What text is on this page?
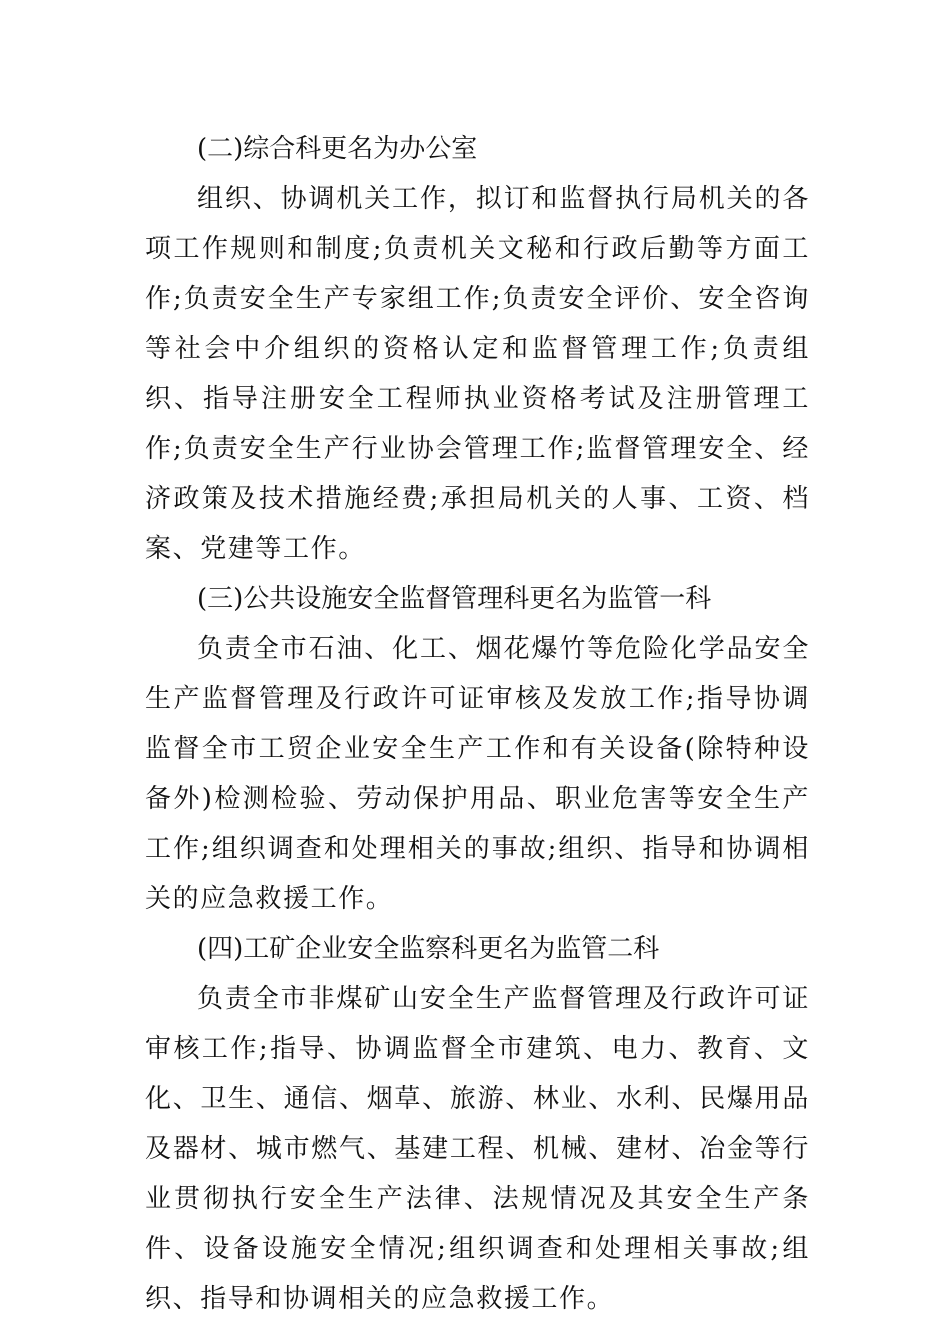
(二)综合科更名为办公室

组织、协调机关工作，拟订和监督执行局机关的各项工作规则和制度;负责机关文秘和行政后勤等方面工作;负责安全生产专家组工作;负责安全评价、安全咨询等社会中介组织的资格认定和监督管理工作;负责组织、指导注册安全工程师执业资格考试及注册管理工作;负责安全生产行业协会管理工作;监督管理安全、经济政策及技术措施经费;承担局机关的人事、工资、档案、党建等工作。

(三)公共设施安全监督管理科更名为监管一科

负责全市石油、化工、烟花爆竹等危险化学品安全生产监督管理及行政许可证审核及发放工作;指导协调监督全市工贸企业安全生产工作和有关设备(除特种设备外)检测检验、劳动保护用品、职业危害等安全生产工作;组织调查和处理相关的事故;组织、指导和协调相关的应急救援工作。

(四)工矿企业安全监察科更名为监管二科

负责全市非煤矿山安全生产监督管理及行政许可证审核工作;指导、协调监督全市建筑、电力、教育、文化、卫生、通信、烟草、旅游、林业、水利、民爆用品及器材、城市燃气、基建工程、机械、建材、冶金等行业贯彻执行安全生产法律、法规情况及其安全生产条件、设备设施安全情况;组织调查和处理相关事故;组织、指导和协调相关的应急救援工作。
